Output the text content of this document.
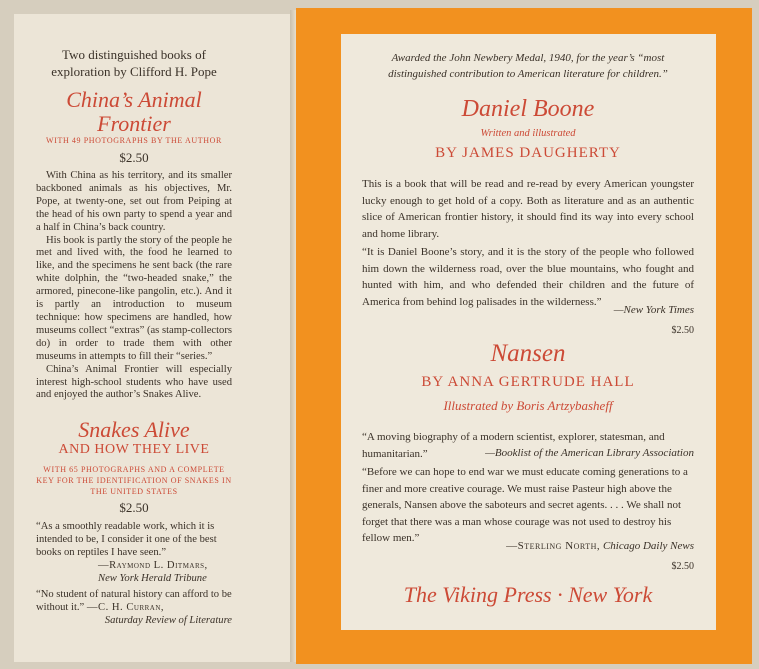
Two distinguished books of exploration by Clifford H. Pope
China’s Animal Frontier
WITH 49 PHOTOGRAPHS BY THE AUTHOR
$2.50

With China as his territory, and its smaller backboned animals as his objectives, Mr. Pope, at twenty-one, set out from Peiping at the head of his own party to spend a year and a half in China’s back country.

His book is partly the story of the people he met and lived with, the food he learned to like, and the specimens he sent back (the rare white dolphin, the “two-headed snake,” the armored, pinecone-like pangolin, etc.). And it is partly an introduction to museum technique: how specimens are handled, how museums collect “extras” (as stamp-collectors do) in order to trade them with other museums in attempts to fill their “series.”

China’s Animal Frontier will especially interest high-school students who have used and enjoyed the author’s Snakes Alive.

Snakes Alive
AND HOW THEY LIVE
WITH 65 PHOTOGRAPHS AND A COMPLETE KEY FOR THE IDENTIFICATION OF SNAKES IN THE UNITED STATES
$2.50
“As a smoothly readable work, which it is intended to be, I consider it one of the best books on reptiles I have seen.”
—Raymond L. Ditmars,
New York Herald Tribune
“No student of natural history can afford to be without it.” —C. H. Curran,
Saturday Review of Literature
Awarded the John Newbery Medal, 1940, for the year’s “most distinguished contribution to American literature for children.”
Daniel Boone
Written and illustrated
BY JAMES DAUGHERTY
This is a book that will be read and re-read by every American youngster lucky enough to get hold of a copy. Both as literature and as an authentic slice of American frontier history, it should find its way into every school and home library.
“It is Daniel Boone’s story, and it is the story of the people who followed him down the wilderness road, over the blue mountains, who fought and hunted with him, and who defended their children and the future of America from behind log palisades in the wilderness.”
—New York Times
$2.50
Nansen
BY ANNA GERTRUDE HALL
Illustrated by Boris Artzybasheff
“A moving biography of a modern scientist, explorer, statesman, and humanitarian.”	—Booklist of the American Library Association
“Before we can hope to end war we must educate coming generations to a finer and more creative courage. We must raise Pasteur high above the generals, Nansen above the saboteurs and secret agents. . . . We shall not forget that there was a man whose courage was not used to destroy his fellow men.”
—Sterling North, Chicago Daily News
$2.50
The Viking Press · New York
